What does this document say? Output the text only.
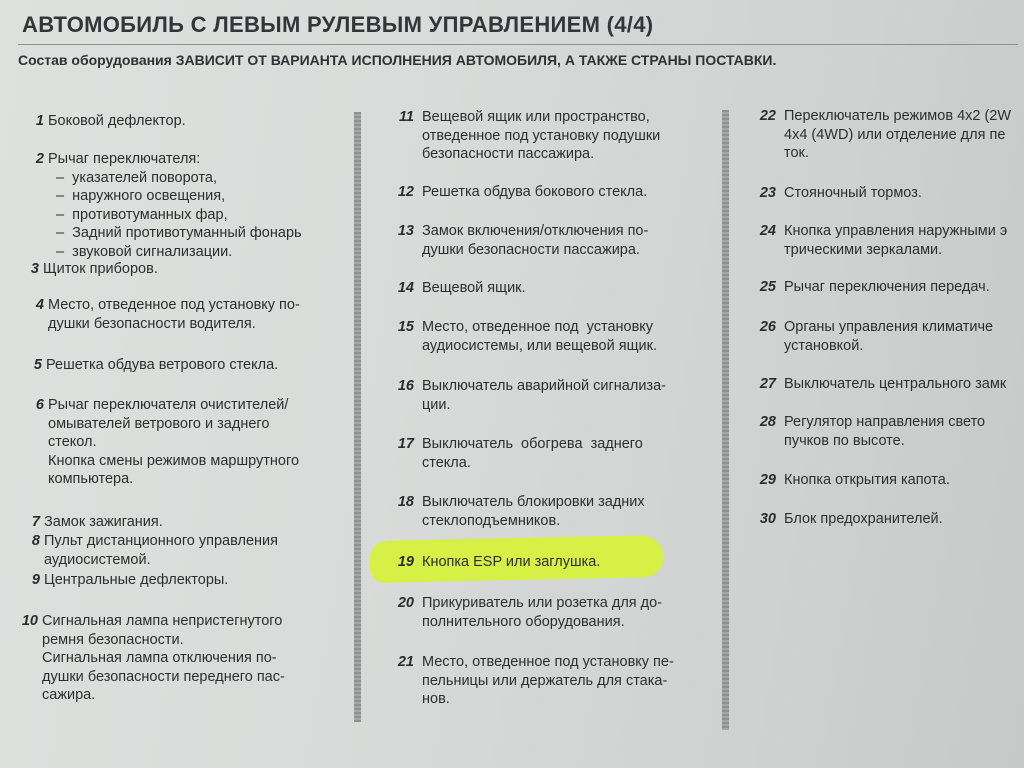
АВТОМОБИЛЬ С ЛЕВЫМ РУЛЕВЫМ УПРАВЛЕНИЕМ (4/4)
Состав оборудования ЗАВИСИТ ОТ ВАРИАНТА ИСПОЛНЕНИЯ АВТОМОБИЛЯ, А ТАКЖЕ СТРАНЫ ПОСТАВКИ.
1 Боковой дефлектор.
2 Рычаг переключателя:
–  указателей поворота,
–  наружного освещения,
–  противотуманных фар,
–  Задний противотуманный фонарь
–  звуковой сигнализации.
3 Щиток приборов.
4 Место, отведенное под установку по-
душки безопасности водителя.
5 Решетка обдува ветрового стекла.
6 Рычаг переключателя очистителей/
омывателей ветрового и заднего
стекол.
Кнопка смены режимов маршрутного
компьютера.
7 Замок зажигания.
8 Пульт дистанционного управления
аудиосистемой.
9 Центральные дефлекторы.
10 Сигнальная лампа непристегнутого
ремня безопасности.
Сигнальная лампа отключения по-
душки безопасности переднего пас-
сажира.
11 Вещевой ящик или пространство,
отведенное под установку подушки
безопасности пассажира.
12 Решетка обдува бокового стекла.
13 Замок включения/отключения по-
душки безопасности пассажира.
14 Вещевой ящик.
15 Место, отведенное под  установку
аудиосистемы, или вещевой ящик.
16 Выключатель аварийной сигнализа-
ции.
17 Выключатель  обогрева  заднего
стекла.
18 Выключатель блокировки задних
стеклоподъемников.
19 Кнопка ESP или заглушка.
20 Прикуриватель или розетка для до-
полнительного оборудования.
21 Место, отведенное под установку пе-
пельницы или держатель для стака-
нов.
22 Переключатель режимов 4x2 (2W
4x4 (4WD) или отделение для пе
ток.
23 Стояночный тормоз.
24 Кнопка управления наружными э
трическими зеркалами.
25 Рычаг переключения передач.
26 Органы управления климатиче
установкой.
27 Выключатель центрального замк
28 Регулятор направления свето
пучков по высоте.
29 Кнопка открытия капота.
30 Блок предохранителей.
